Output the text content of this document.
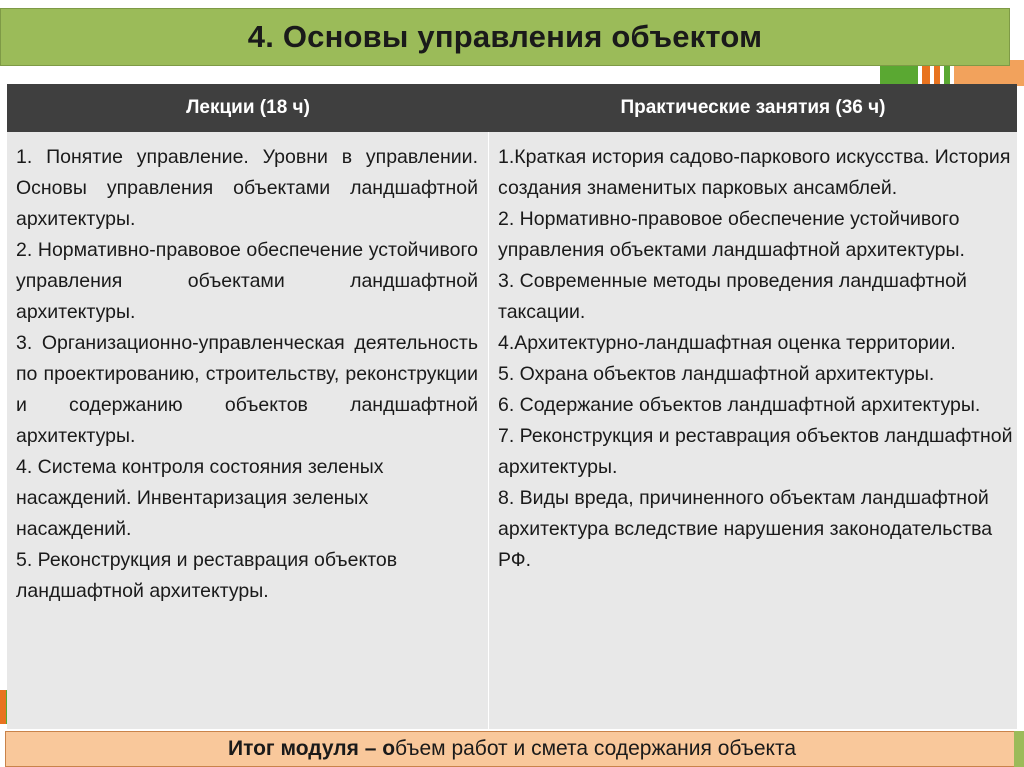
4. Основы управления объектом
Лекции (18 ч)	Практические занятия (36 ч)

1. Понятие управление. Уровни в управлении. Основы управления объектами ландшафтной архитектуры.

2. Нормативно-правовое обеспечение устойчивого управления объектами ландшафтной архитектуры.

3. Организационно-управленческая деятельность по проектированию, строительству, реконструкции и содержанию объектов ландшафтной архитектуры.

4. Система контроля состояния зеленых насаждений. Инвентаризация зеленых насаждений.

5. Реконструкция и реставрация объектов ландшафтной архитектуры.

1.Краткая история садово-паркового искусства. История создания знаменитых парковых ансамблей.

2. Нормативно-правовое обеспечение устойчивого управления объектами ландшафтной архитектуры.

3. Современные методы проведения ландшафтной таксации.

4.Архитектурно-ландшафтная оценка территории.

5. Охрана объектов ландшафтной архитектуры.

6. Содержание объектов ландшафтной архитектуры.

7. Реконструкция и реставрация объектов ландшафтной архитектуры.

8. Виды вреда, причиненного объектам ландшафтной архитектура вследствие нарушения законодательства РФ.

Итог модуля – о бъем работ и смета содержания объекта
